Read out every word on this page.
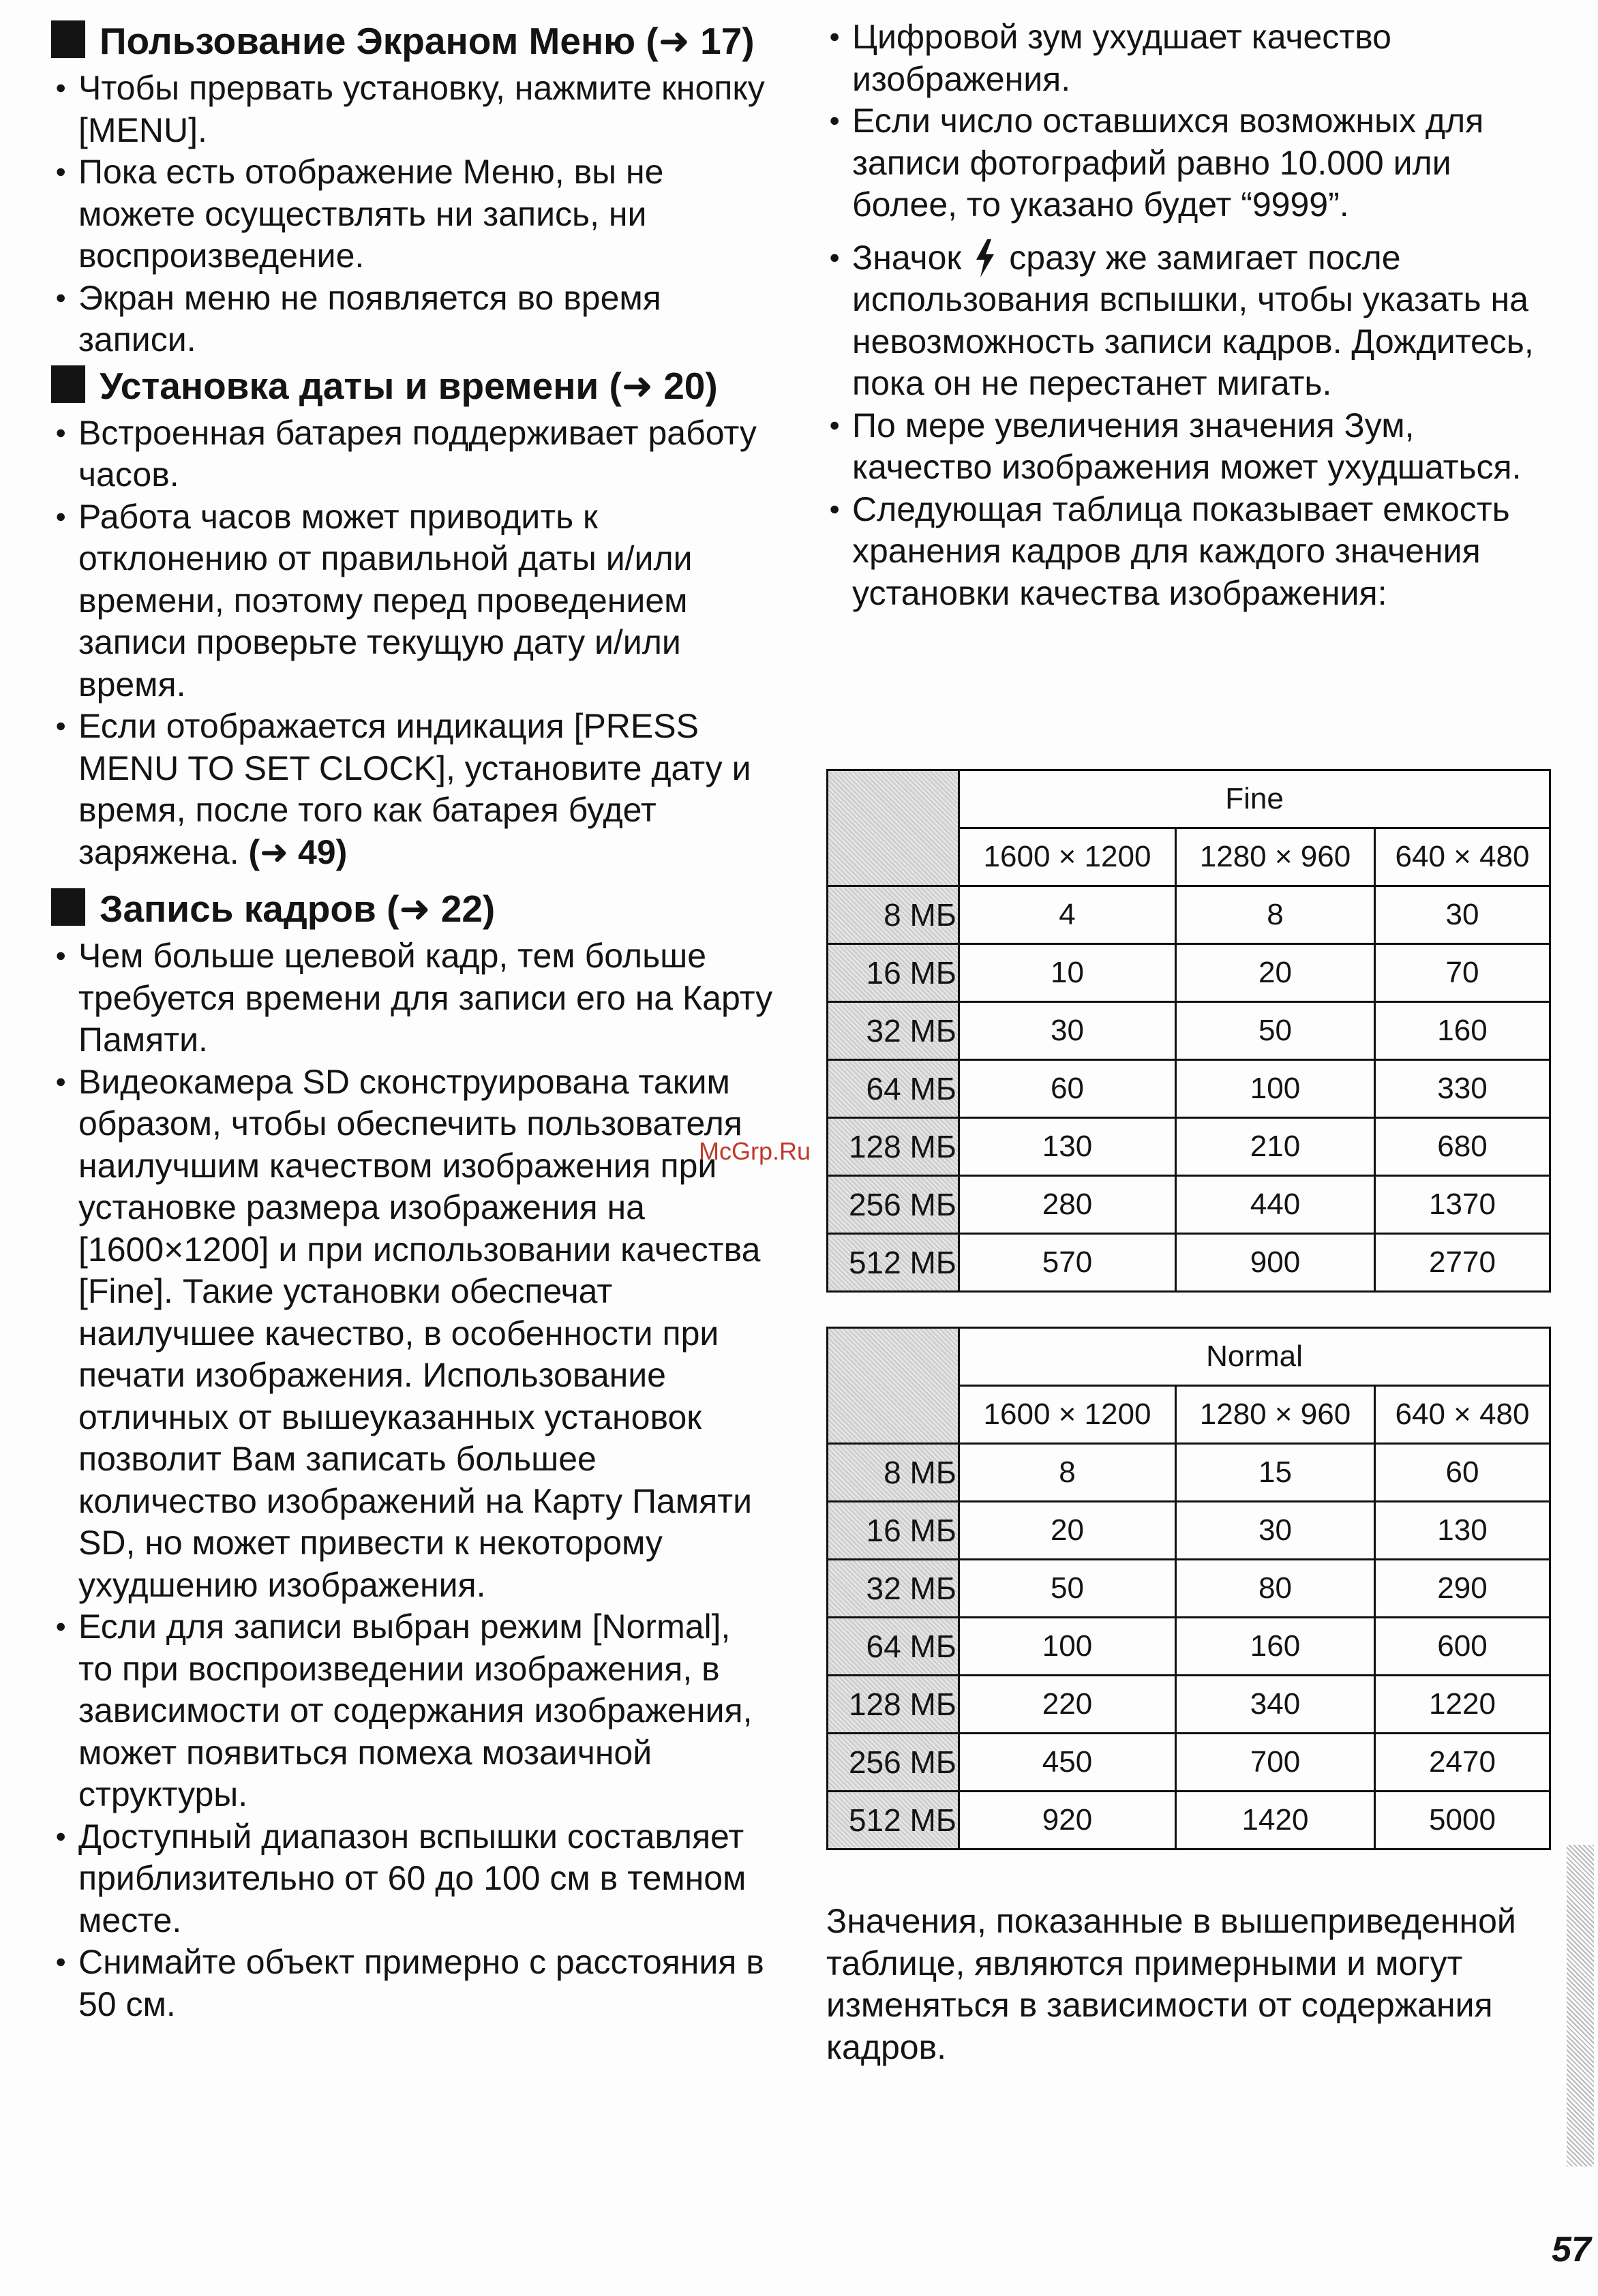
Пользование Экраном Меню (➜ 17)

● Чтобы прервать установку, нажмите кнопку [MENU].

● Пока есть отображение Меню, вы не можете осуществлять ни запись, ни воспроизведение.

● Экран меню не появляется во время записи.

Установка даты и времени (➜ 20)

● Встроенная батарея поддерживает работу часов.

● Работа часов может приводить к отклонению от правильной даты и/или времени, поэтому перед проведением записи проверьте текущую дату и/или время.

● Если отображается индикация [PRESS MENU TO SET CLOCK], установите дату и время, после того как батарея будет заряжена. (➜ 49)

Запись кадров (➜ 22)

● Чем больше целевой кадр, тем больше требуется времени для записи его на Карту Памяти.

● Видеокамера SD сконструирована таким образом, чтобы обеспечить пользователя наилучшим качеством изображения при установке размера изображения на [1600×1200] и при использовании качества [Fine]. Такие установки обеспечат наилучшее качество, в особенности при печати изображения. Использование отличных от вышеуказанных установок позволит Вам записать большее количество изображений на Карту Памяти SD, но может привести к некоторому ухудшению изображения.

● Если для записи выбран режим [Normal], то при воспроизведении изображения, в зависимости от содержания изображения, может появиться помеха мозаичной структуры.

● Доступный диапазон вспышки составляет приблизительно от 60 до 100 см в темном месте.

● Снимайте объект примерно с расстояния в 50 см.

● Цифровой зум ухудшает качество изображения.

● Если число оставшихся возможных для записи фотографий равно 10.000 или более, то указано будет “9999”.

● Значок сразу же замигает после использования вспышки, чтобы указать на невозможность записи кадров. Дождитесь, пока он не перестанет мигать.

● По мере увеличения значения Зум, качество изображения может ухудшаться.

● Следующая таблица показывает емкость хранения кадров для каждого значения установки качества изображения:

	Fine		
	1600 × 1200	1280 × 960	640 × 480
8 МБ	4	8	30
16 МБ	10	20	70
32 МБ	30	50	160
64 МБ	60	100	330
128 МБ	130	210	680
256 МБ	280	440	1370
512 МБ	570	900	2770
	Normal		
	1600 × 1200	1280 × 960	640 × 480
8 МБ	8	15	60
16 МБ	20	30	130
32 МБ	50	80	290
64 МБ	100	160	600
128 МБ	220	340	1220
256 МБ	450	700	2470
512 МБ	920	1420	5000

Значения, показанные в вышеприведенной таблице, являются примерными и могут изменяться в зависимости от содержания кадров.

McGrp.Ru
57
